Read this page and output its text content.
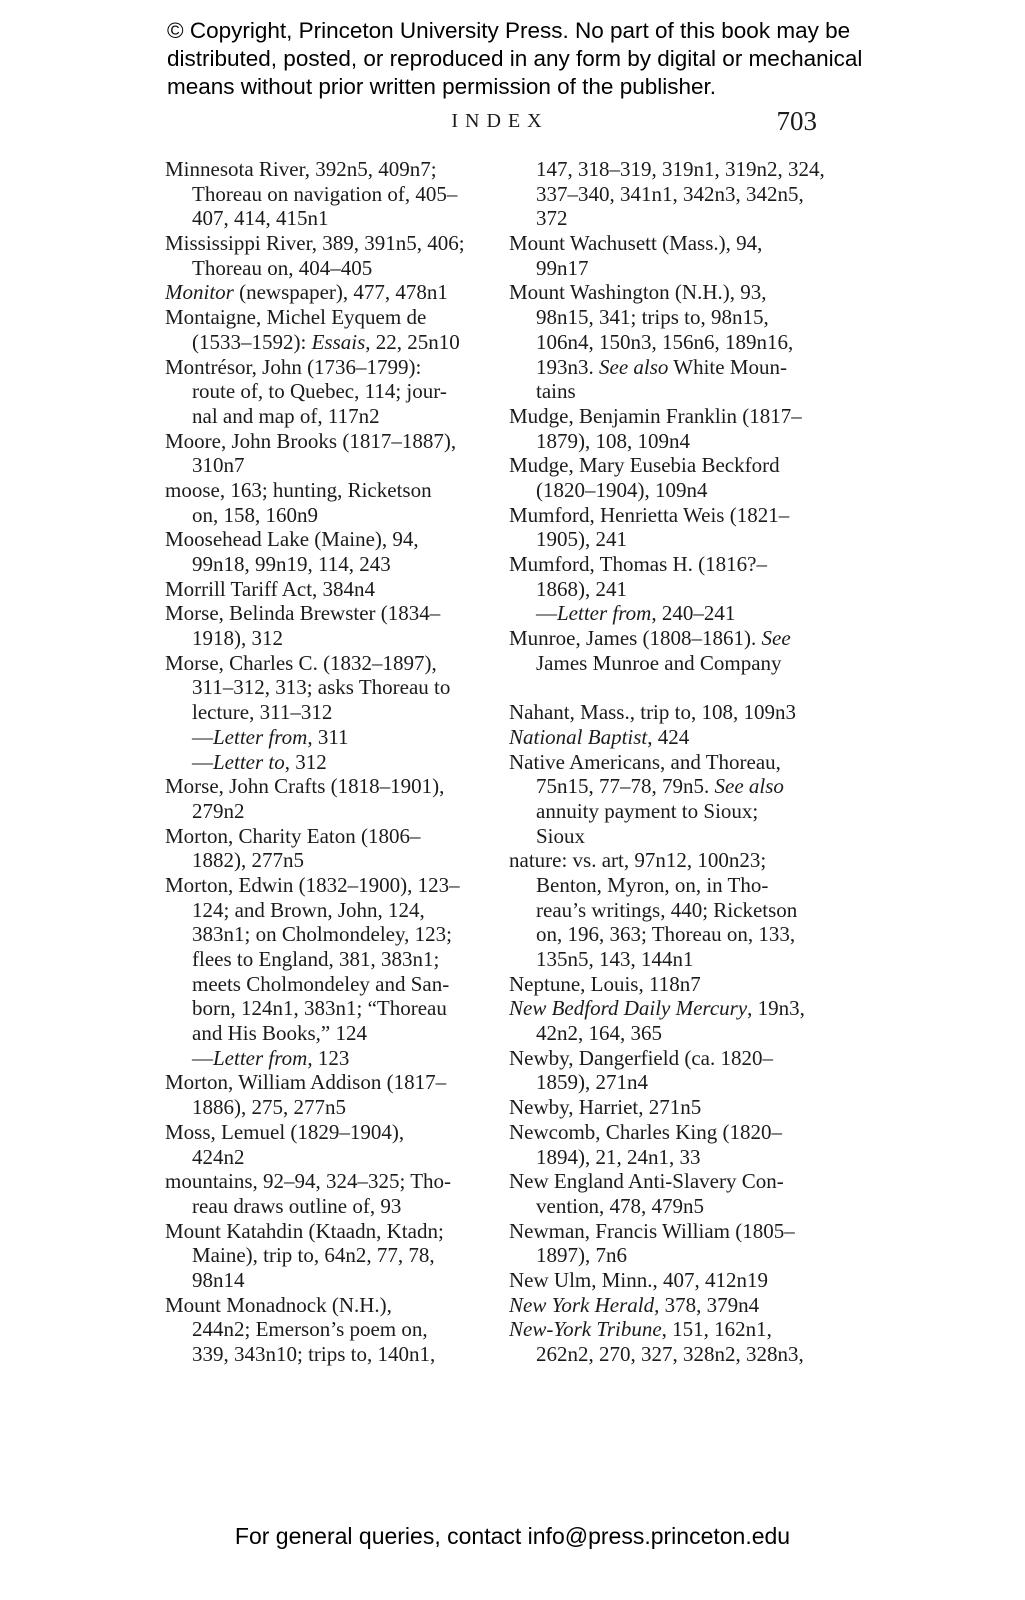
© Copyright, Princeton University Press. No part of this book may be
distributed, posted, or reproduced in any form by digital or mechanical
means without prior written permission of the publisher.
INDEX	703
Minnesota River, 392n5, 409n7;
Thoreau on navigation of, 405–
407, 414, 415n1
Mississippi River, 389, 391n5, 406;
Thoreau on, 404–405
Monitor (newspaper), 477, 478n1
Montaigne, Michel Eyquem de
(1533–1592): Essais, 22, 25n10
Montrésor, John (1736–1799):
route of, to Quebec, 114; jour-
nal and map of, 117n2
Moore, John Brooks (1817–1887),
310n7
moose, 163; hunting, Ricketson
on, 158, 160n9
Moosehead Lake (Maine), 94,
99n18, 99n19, 114, 243
Morrill Tariff Act, 384n4
Morse, Belinda Brewster (1834–
1918), 312
Morse, Charles C. (1832–1897),
311–312, 313; asks Thoreau to
lecture, 311–312
—Letter from, 311
—Letter to, 312
Morse, John Crafts (1818–1901),
279n2
Morton, Charity Eaton (1806–
1882), 277n5
Morton, Edwin (1832–1900), 123–
124; and Brown, John, 124,
383n1; on Cholmondeley, 123;
flees to England, 381, 383n1;
meets Cholmondeley and San-
born, 124n1, 383n1; “Thoreau
and His Books,” 124
—Letter from, 123
Morton, William Addison (1817–
1886), 275, 277n5
Moss, Lemuel (1829–1904),
424n2
mountains, 92–94, 324–325; Tho-
reau draws outline of, 93
Mount Katahdin (Ktaadn, Ktadn;
Maine), trip to, 64n2, 77, 78,
98n14
Mount Monadnock (N.H.),
244n2; Emerson’s poem on,
339, 343n10; trips to, 140n1,
147, 318–319, 319n1, 319n2, 324,
337–340, 341n1, 342n3, 342n5,
372
Mount Wachusett (Mass.), 94,
99n17
Mount Washington (N.H.), 93,
98n15, 341; trips to, 98n15,
106n4, 150n3, 156n6, 189n16,
193n3. See also White Moun-
tains
Mudge, Benjamin Franklin (1817–
1879), 108, 109n4
Mudge, Mary Eusebia Beckford
(1820–1904), 109n4
Mumford, Henrietta Weis (1821–
1905), 241
Mumford, Thomas H. (1816?–
1868), 241
—Letter from, 240–241
Munroe, James (1808–1861). See
James Munroe and Company

Nahant, Mass., trip to, 108, 109n3
National Baptist, 424
Native Americans, and Thoreau,
75n15, 77–78, 79n5. See also
annuity payment to Sioux;
Sioux
nature: vs. art, 97n12, 100n23;
Benton, Myron, on, in Tho-
reau’s writings, 440; Ricketson
on, 196, 363; Thoreau on, 133,
135n5, 143, 144n1
Neptune, Louis, 118n7
New Bedford Daily Mercury, 19n3,
42n2, 164, 365
Newby, Dangerfield (ca. 1820–
1859), 271n4
Newby, Harriet, 271n5
Newcomb, Charles King (1820–
1894), 21, 24n1, 33
New England Anti-Slavery Con-
vention, 478, 479n5
Newman, Francis William (1805–
1897), 7n6
New Ulm, Minn., 407, 412n19
New York Herald, 378, 379n4
New-York Tribune, 151, 162n1,
262n2, 270, 327, 328n2, 328n3,
For general queries, contact info@press.princeton.edu
